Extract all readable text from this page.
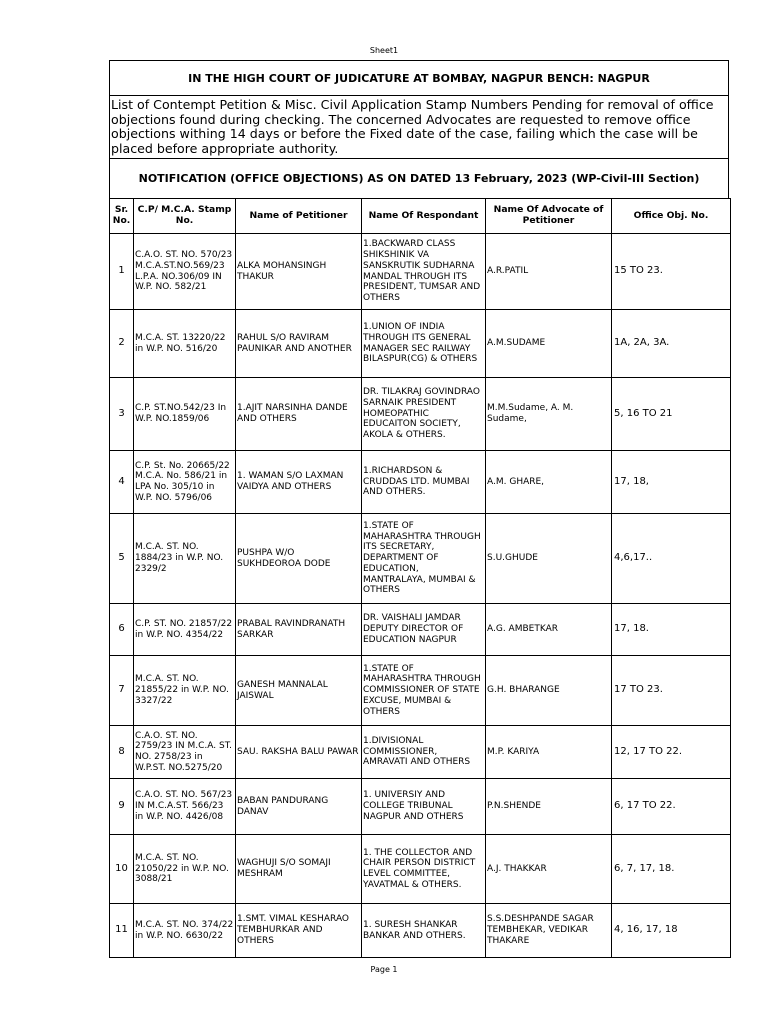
Sheet1
IN THE HIGH COURT OF JUDICATURE AT BOMBAY, NAGPUR BENCH: NAGPUR
List of Contempt Petition & Misc. Civil Application Stamp Numbers Pending for removal of office objections found during checking. The concerned Advocates are requested to remove office objections withing 14 days or before the Fixed date of the case, failing which the case will be placed before appropriate authority.
NOTIFICATION (OFFICE OBJECTIONS) AS ON DATED 13 February, 2023 (WP-Civil-III Section)
Sr. No.	C.P/ M.C.A. Stamp No.	Name of Petitioner	Name Of Respondant	Name Of Advocate of Petitioner	Office Obj. No.
1	C.A.O. ST. NO. 570/23 M.C.A.ST.NO.569/23 L.P.A. NO.306/09 IN W.P. NO. 582/21	ALKA MOHANSINGH THAKUR	1.BACKWARD CLASS SHIKSHINIK VA SANSKRUTIK SUDHARNA MANDAL THROUGH ITS PRESIDENT, TUMSAR AND OTHERS	A.R.PATIL	15 TO 23.
2	M.C.A. ST. 13220/22 in W.P. NO. 516/20	RAHUL S/O RAVIRAM PAUNIKAR AND ANOTHER	1.UNION OF INDIA THROUGH ITS GENERAL MANAGER SEC RAILWAY BILASPUR(CG) & OTHERS	A.M.SUDAME	1A, 2A, 3A.
3	C.P. ST.NO.542/23 In W.P. NO.1859/06	1.AJIT NARSINHA DANDE AND OTHERS	DR. TILAKRAJ GOVINDRAO SARNAIK PRESIDENT HOMEOPATHIC EDUCAITON SOCIETY, AKOLA & OTHERS.	M.M.Sudame, A. M. Sudame,	5, 16 TO 21
4	C.P. St. No. 20665/22 M.C.A. No. 586/21 in LPA No. 305/10 in W.P. NO. 5796/06	1. WAMAN S/O LAXMAN VAIDYA AND OTHERS	1.RICHARDSON & CRUDDAS LTD. MUMBAI AND OTHERS.	A.M. GHARE,	17, 18,
5	M.C.A. ST. NO. 1884/23 in W.P. NO. 2329/2	PUSHPA W/O SUKHDEOROA DODE	1.STATE OF MAHARASHTRA THROUGH ITS SECRETARY, DEPARTMENT OF EDUCATION, MANTRALAYA, MUMBAI & OTHERS	S.U.GHUDE	4,6,17..
6	C.P. ST. NO. 21857/22 in W.P. NO. 4354/22	PRABAL RAVINDRANATH SARKAR	DR. VAISHALI JAMDAR DEPUTY DIRECTOR OF EDUCATION NAGPUR	A.G. AMBETKAR	17, 18.
7	M.C.A. ST. NO. 21855/22 in W.P. NO. 3327/22	GANESH MANNALAL JAISWAL	1.STATE OF MAHARASHTRA THROUGH COMMISSIONER OF STATE EXCUSE, MUMBAI & OTHERS	G.H. BHARANGE	17 TO 23.
8	C.A.O. ST. NO. 2759/23 IN M.C.A. ST. NO. 2758/23 in W.P.ST. NO.5275/20	SAU. RAKSHA BALU PAWAR	1.DIVISIONAL COMMISSIONER, AMRAVATI AND OTHERS	M.P. KARIYA	12, 17 TO 22.
9	C.A.O. ST. NO. 567/23 IN M.C.A.ST. 566/23 in W.P. NO. 4426/08	BABAN PANDURANG DANAV	1. UNIVERSIY AND COLLEGE TRIBUNAL NAGPUR AND OTHERS	P.N.SHENDE	6, 17 TO 22.
10	M.C.A. ST. NO. 21050/22 in W.P. NO. 3088/21	WAGHUJI S/O SOMAJI MESHRAM	1. THE COLLECTOR AND CHAIR PERSON DISTRICT LEVEL COMMITTEE, YAVATMAL & OTHERS.	A.J. THAKKAR	6, 7, 17, 18.
11	M.C.A. ST. NO. 374/22 in W.P. NO. 6630/22	1.SMT. VIMAL KESHARAO TEMBHURKAR AND OTHERS	1. SURESH SHANKAR BANKAR AND OTHERS.	S.S.DESHPANDE SAGAR TEMBHEKAR, VEDIKAR THAKARE	4, 16, 17, 18
Page 1
